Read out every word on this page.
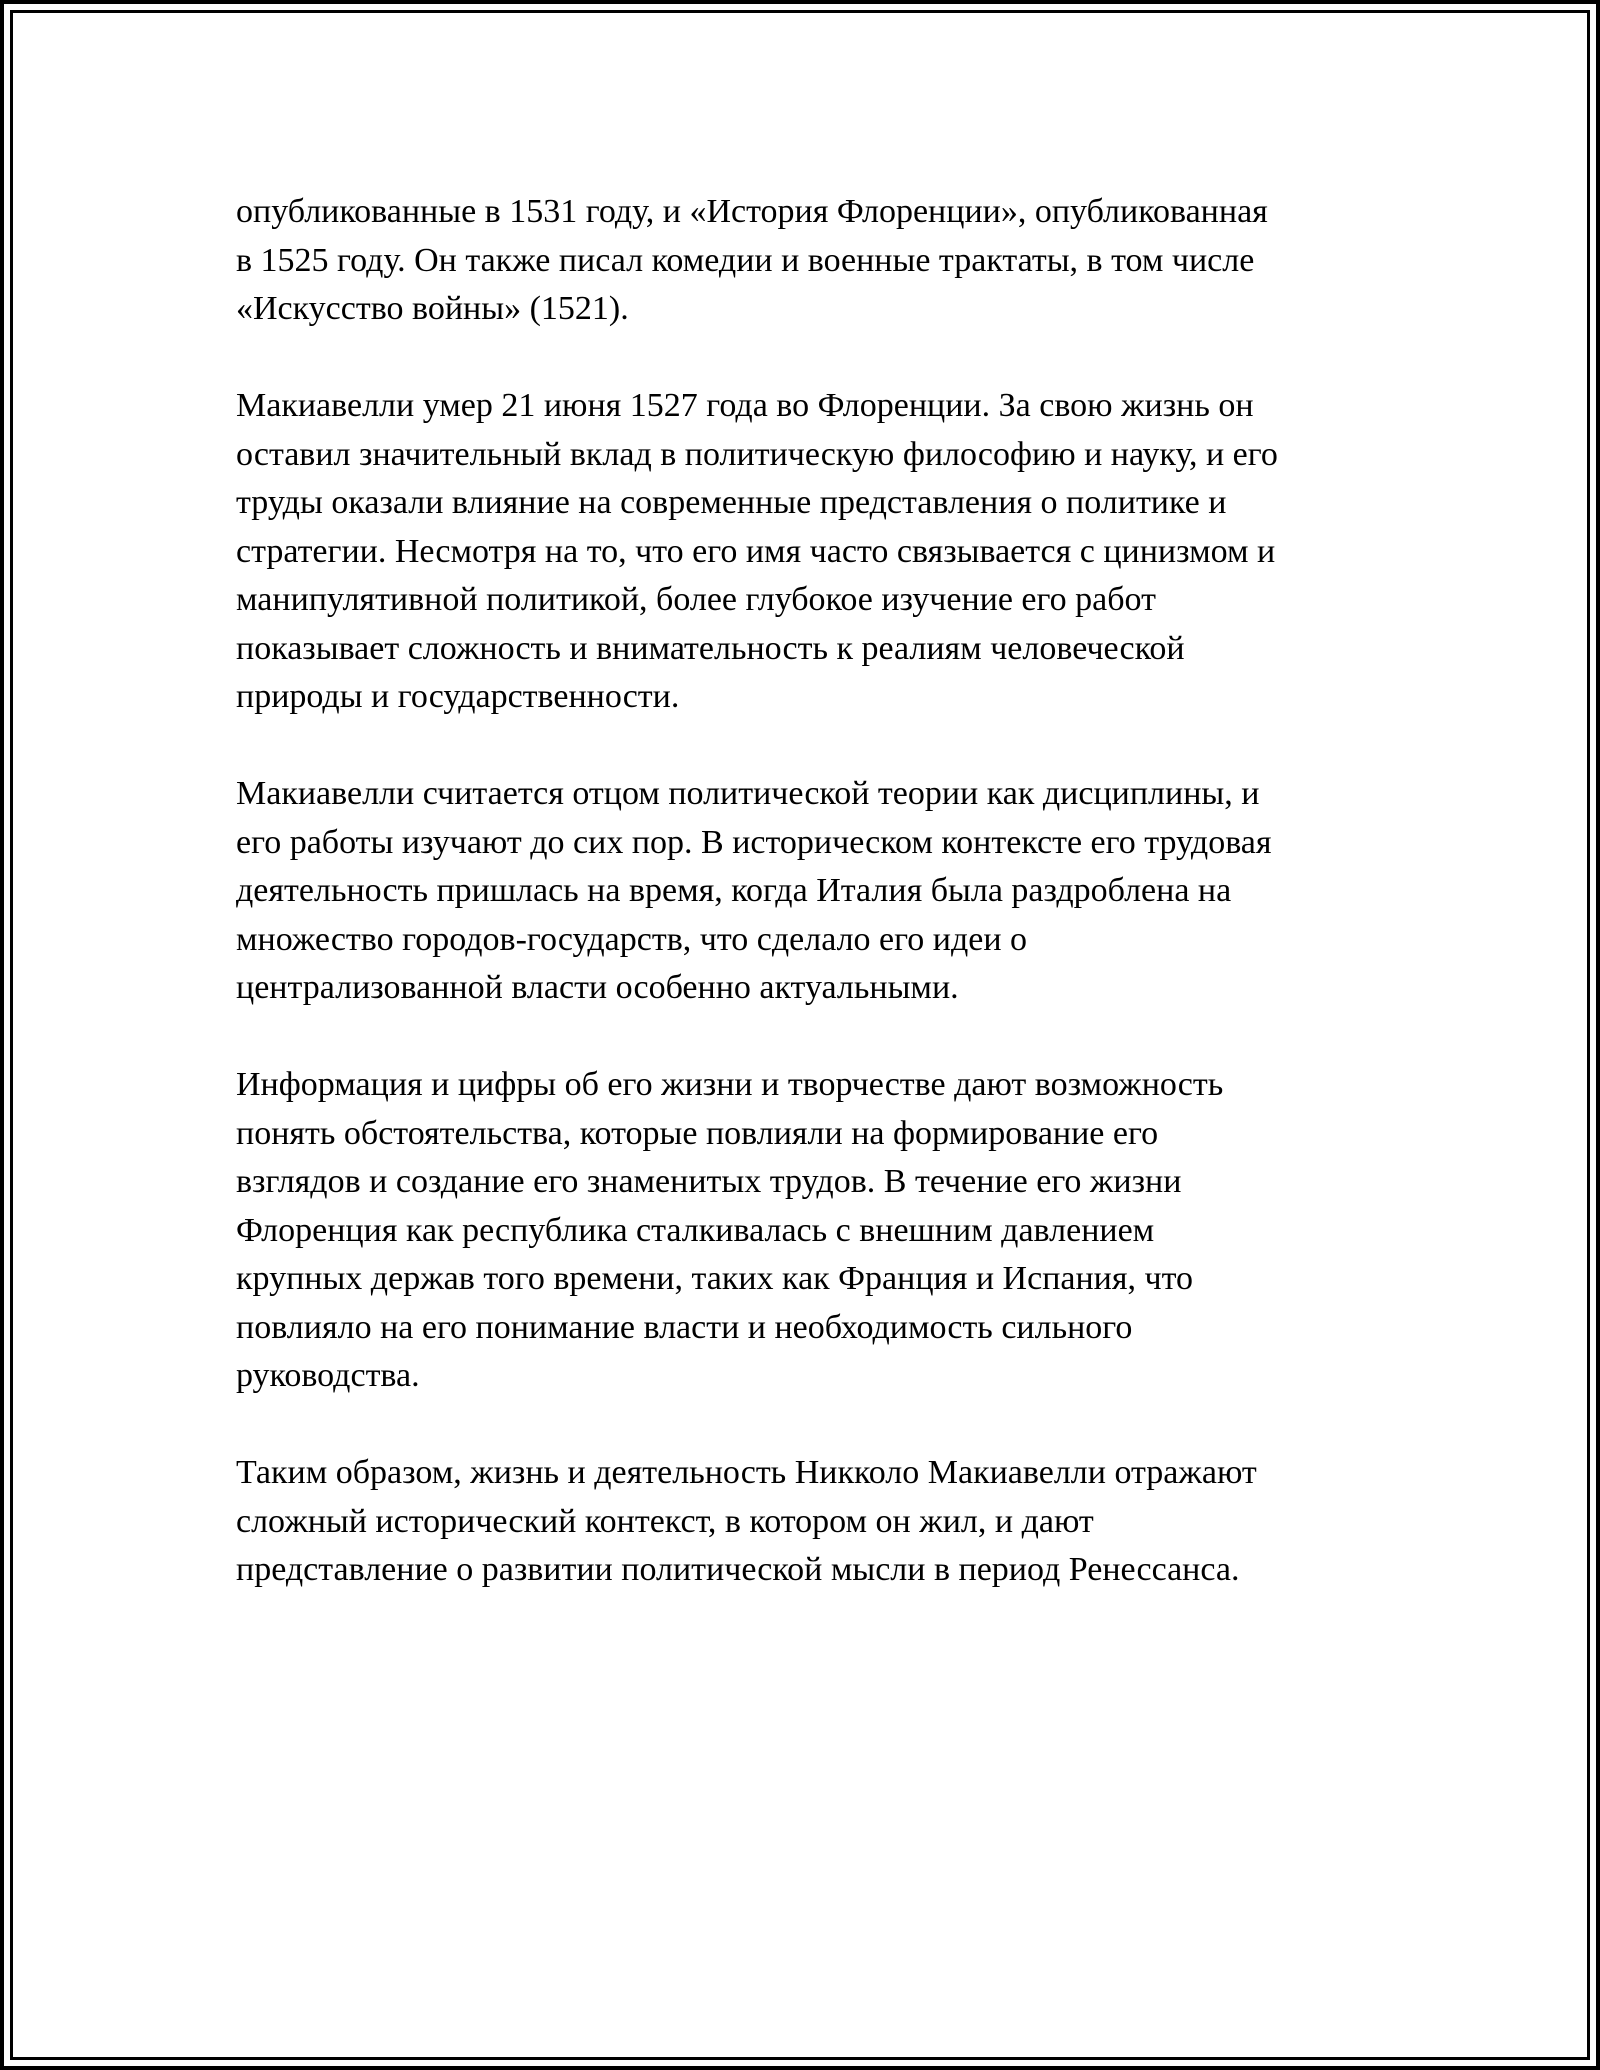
опубликованные в 1531 году, и «История Флоренции», опубликованная
в 1525 году. Он также писал комедии и военные трактаты, в том числе
«Искусство войны» (1521).

Макиавелли умер 21 июня 1527 года во Флоренции. За свою жизнь он
оставил значительный вклад в политическую философию и науку, и его
труды оказали влияние на современные представления о политике и
стратегии. Несмотря на то, что его имя часто связывается с цинизмом и
манипулятивной политикой, более глубокое изучение его работ
показывает сложность и внимательность к реалиям человеческой
природы и государственности.

Макиавелли считается отцом политической теории как дисциплины, и
его работы изучают до сих пор. В историческом контексте его трудовая
деятельность пришлась на время, когда Италия была раздроблена на
множество городов-государств, что сделало его идеи о
централизованной власти особенно актуальными.

Информация и цифры об его жизни и творчестве дают возможность
понять обстоятельства, которые повлияли на формирование его
взглядов и создание его знаменитых трудов. В течение его жизни
Флоренция как республика сталкивалась с внешним давлением
крупных держав того времени, таких как Франция и Испания, что
повлияло на его понимание власти и необходимость сильного
руководства.

Таким образом, жизнь и деятельность Никколо Макиавелли отражают
сложный исторический контекст, в котором он жил, и дают
представление о развитии политической мысли в период Ренессанса.
